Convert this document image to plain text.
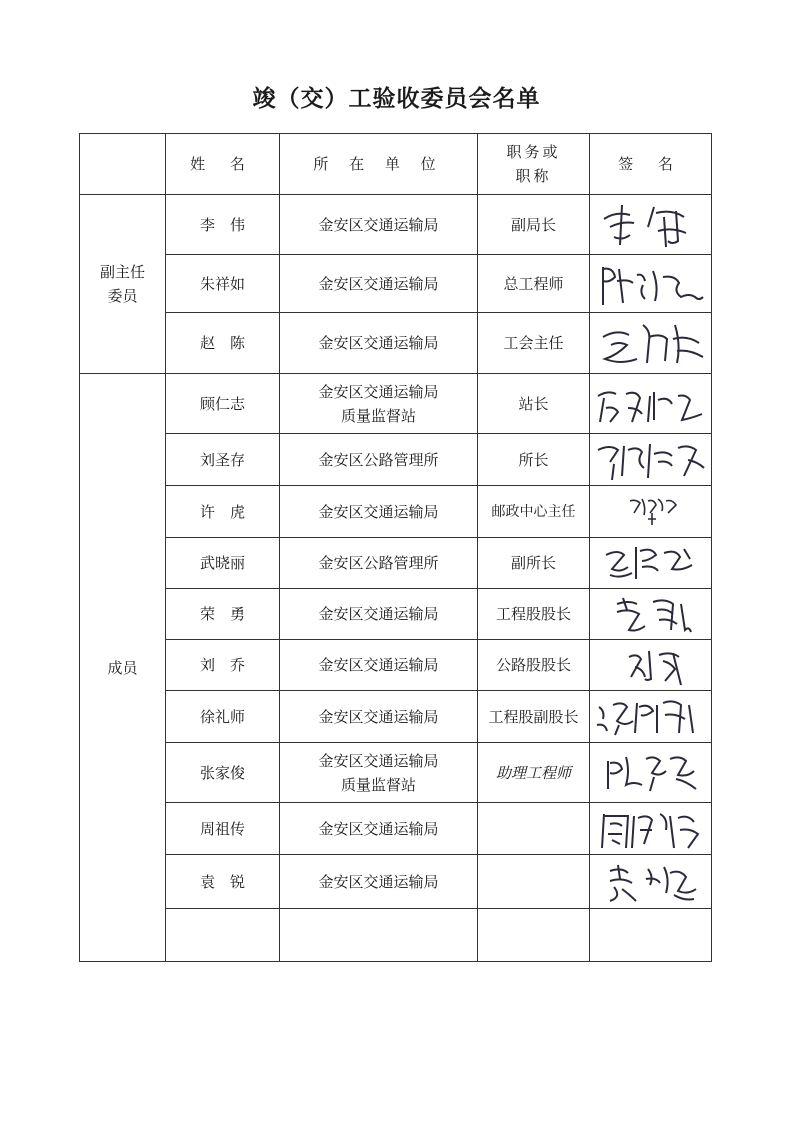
竣（交）工验收委员会名单
	姓 名	所 在 单 位	职务或
职称	签 名

副主任
委员	李　伟	金安区交通运输局	副局长	

	朱祥如	金安区交通运输局	总工程师	

	赵　陈	金安区交通运输局	工会主任	

成员	顾仁志	金安区交通运输局
质量监督站	站长	

	刘圣存	金安区公路管理所	所长	

	许　虎	金安区交通运输局	邮政中心主任	

	武晓丽	金安区公路管理所	副所长	

	荣　勇	金安区交通运输局	工程股股长	

	刘　乔	金安区交通运输局	公路股股长	

	徐礼师	金安区交通运输局	工程股副股长	

	张家俊	金安区交通运输局
质量监督站	助理工程师	

	周祖传	金安区交通运输局

	袁　锐	金安区交通运输局
